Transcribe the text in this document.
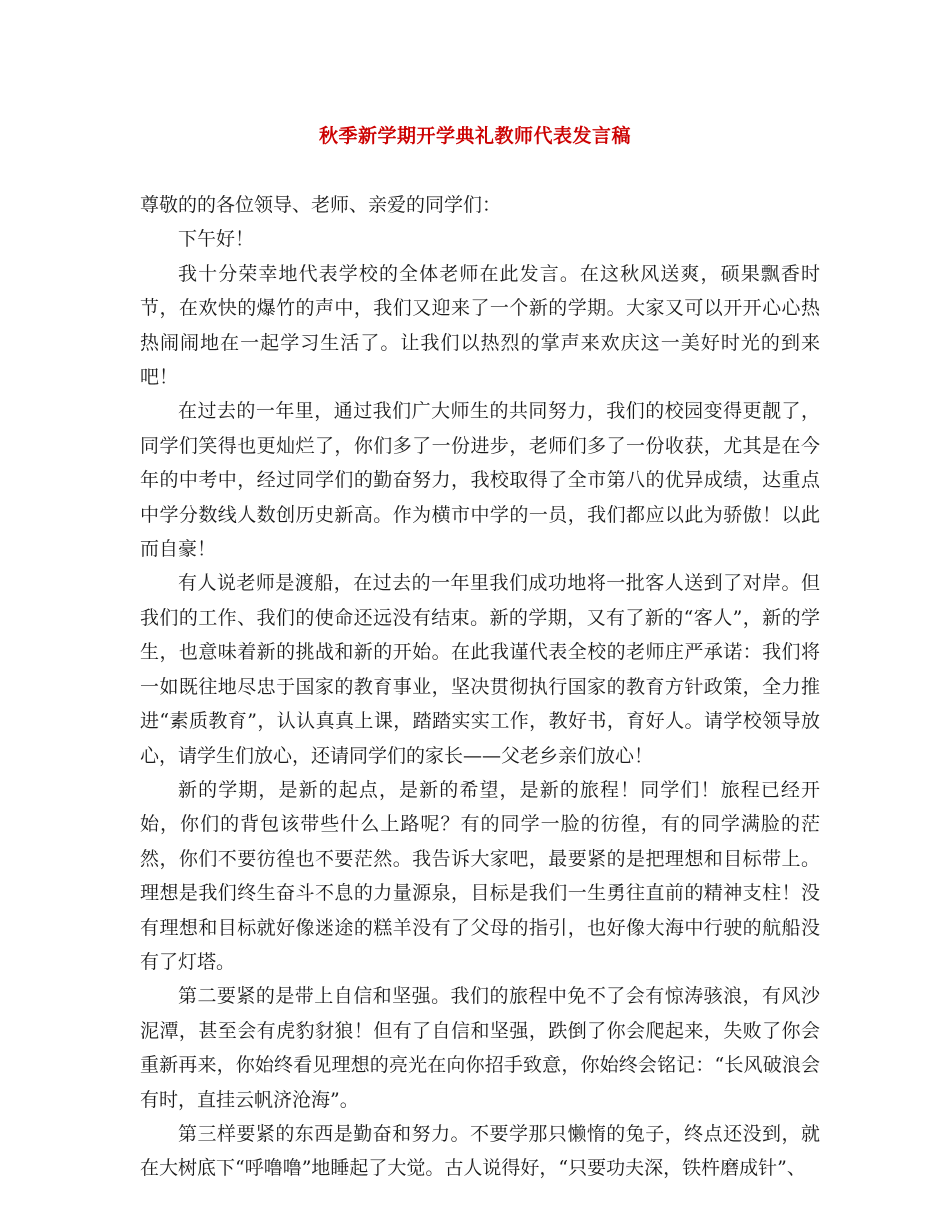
秋季新学期开学典礼教师代表发言稿

尊敬的的各位领导、老师、亲爱的同学们：

下午好！

我十分荣幸地代表学校的全体老师在此发言。在这秋风送爽，硕果飘香时节，在欢快的爆竹的声中，我们又迎来了一个新的学期。大家又可以开开心心热热闹闹地在一起学习生活了。让我们以热烈的掌声来欢庆这一美好时光的到来吧！

在过去的一年里，通过我们广大师生的共同努力，我们的校园变得更靓了，同学们笑得也更灿烂了，你们多了一份进步，老师们多了一份收获，尤其是在今年的中考中，经过同学们的勤奋努力，我校取得了全市第八的优异成绩，达重点中学分数线人数创历史新高。作为横市中学的一员，我们都应以此为骄傲！以此而自豪！

有人说老师是渡船，在过去的一年里我们成功地将一批客人送到了对岸。但我们的工作、我们的使命还远没有结束。新的学期，又有了新的“客人”，新的学生，也意味着新的挑战和新的开始。在此我谨代表全校的老师庄严承诺：我们将一如既往地尽忠于国家的教育事业，坚决贯彻执行国家的教育方针政策，全力推进“素质教育”，认认真真上课，踏踏实实工作，教好书，育好人。请学校领导放心，请学生们放心，还请同学们的家长——父老乡亲们放心！

新的学期，是新的起点，是新的希望，是新的旅程！同学们！旅程已经开始，你们的背包该带些什么上路呢？有的同学一脸的彷徨，有的同学满脸的茫然，你们不要彷徨也不要茫然。我告诉大家吧，最要紧的是把理想和目标带上。理想是我们终生奋斗不息的力量源泉，目标是我们一生勇往直前的精神支柱！没有理想和目标就好像迷途的糕羊没有了父母的指引，也好像大海中行驶的航船没有了灯塔。

第二要紧的是带上自信和坚强。我们的旅程中免不了会有惊涛骇浪，有风沙泥潭，甚至会有虎豹豺狼！但有了自信和坚强，跌倒了你会爬起来，失败了你会重新再来，你始终看见理想的亮光在向你招手致意，你始终会铭记：“长风破浪会有时，直挂云帆济沧海”。

第三样要紧的东西是勤奋和努力。不要学那只懒惰的兔子，终点还没到，就在大树底下“呼噜噜”地睡起了大觉。古人说得好，“只要功夫深，铁杵磨成针”、
